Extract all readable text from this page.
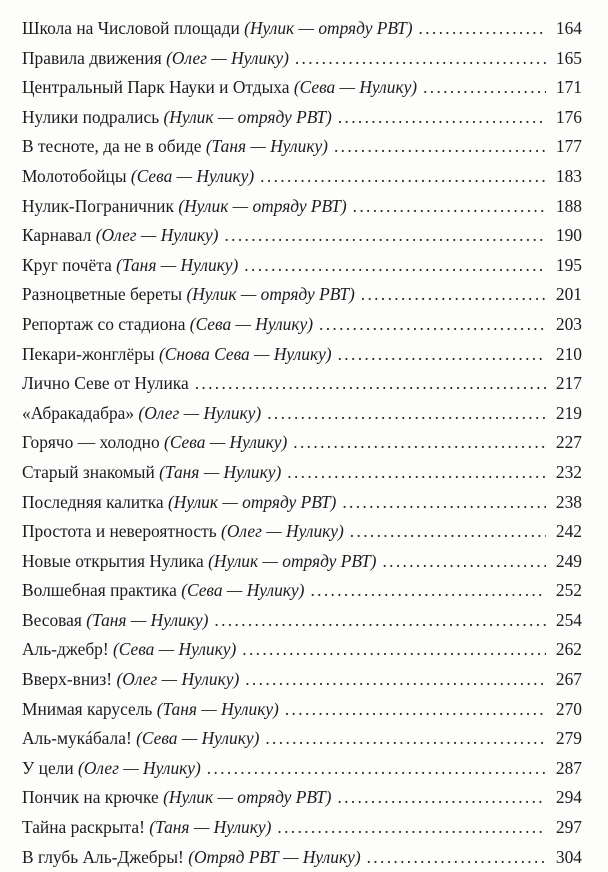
Школа на Числовой площади (Нулик — отряду РВТ) . . .	164
Правила движения (Олег — Нулику) . . .	165
Центральный Парк Науки и Отдыха (Сева — Нулику) . . .	171
Нулики подрались (Нулик — отряду РВТ) . . .	176
В тесноте, да не в обиде (Таня — Нулику) . . .	177
Молотобойцы (Сева — Нулику) . . .	183
Нулик-Пограничник (Нулик — отряду РВТ) . . .	188
Карнавал (Олег — Нулику) . . .	190
Круг почёта (Таня — Нулику) . . .	195
Разноцветные береты (Нулик — отряду РВТ) . . .	201
Репортаж со стадиона (Сева — Нулику) . . .	203
Пекари-жонглёры (Снова Сева — Нулику) . . .	210
Лично Севе от Нулика . . .	217
«Абракадабра» (Олег — Нулику) . . .	219
Горячо — холодно (Сева — Нулику) . . .	227
Старый знакомый (Таня — Нулику) . . .	232
Последняя калитка (Нулик — отряду РВТ) . . .	238
Простота и невероятность (Олег — Нулику) . . .	242
Новые открытия Нулика (Нулик — отряду РВТ) . . .	249
Волшебная практика (Сева — Нулику) . . .	252
Весовая (Таня — Нулику) . . .	254
Аль-джебр! (Сева — Нулику) . . .	262
Вверх-вниз! (Олег — Нулику) . . .	267
Мнимая карусель (Таня — Нулику) . . .	270
Аль-мукáбала! (Сева — Нулику) . . .	279
У цели (Олег — Нулику) . . .	287
Пончик на крючке (Нулик — отряду РВТ) . . .	294
Тайна раскрыта! (Таня — Нулику) . . .	297
В глубь Аль-Джебры! (Отряд РВТ — Нулику) . . .	304
